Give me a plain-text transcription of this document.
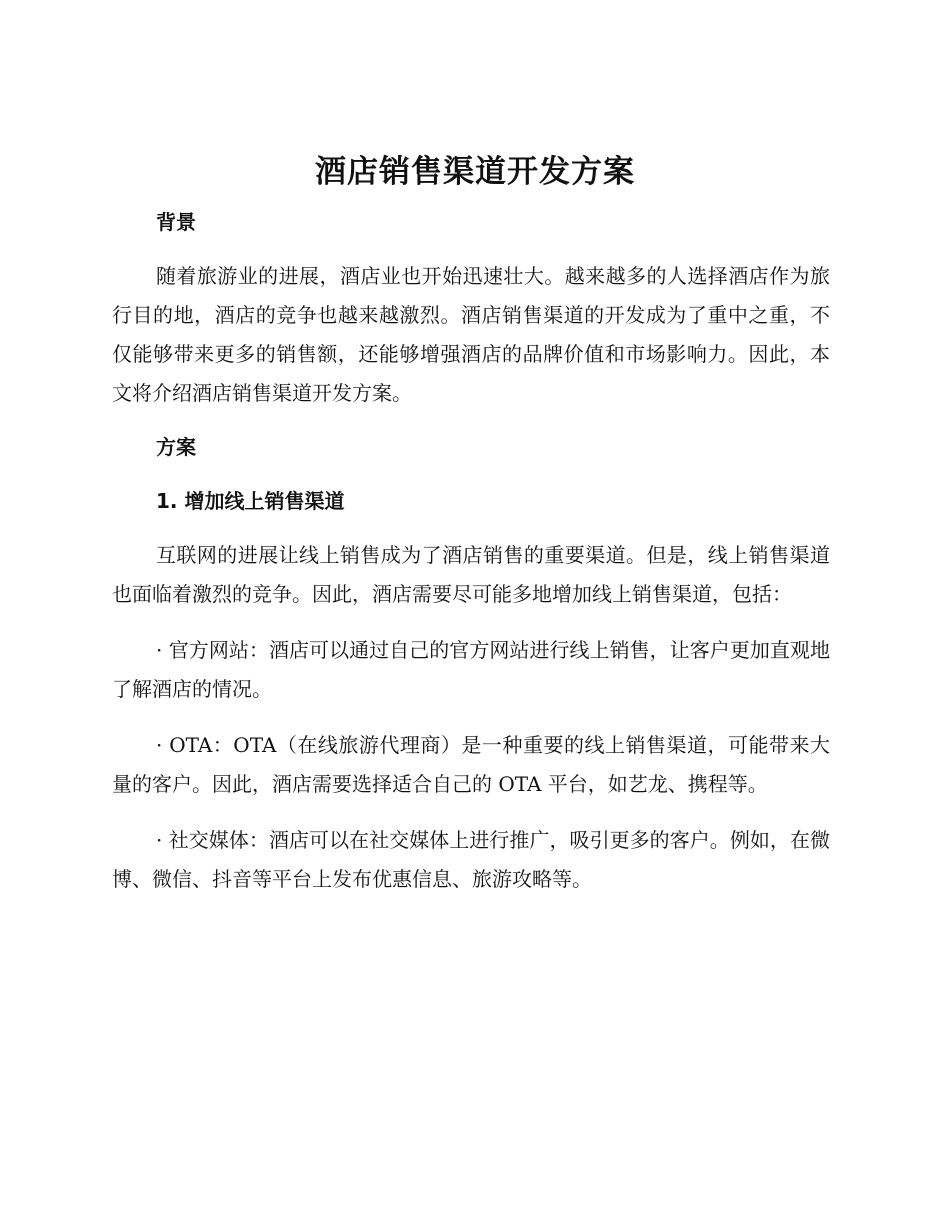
酒店销售渠道开发方案
背景

随着旅游业的进展，酒店业也开始迅速壮大。越来越多的人选择酒店作为旅行目的地，酒店的竞争也越来越激烈。酒店销售渠道的开发成为了重中之重，不仅能够带来更多的销售额，还能够增强酒店的品牌价值和市场影响力。因此，本文将介绍酒店销售渠道开发方案。

方案
1. 增加线上销售渠道

互联网的进展让线上销售成为了酒店销售的重要渠道。但是，线上销售渠道也面临着激烈的竞争。因此，酒店需要尽可能多地增加线上销售渠道，包括：

· 官方网站：酒店可以通过自己的官方网站进行线上销售，让客户更加直观地了解酒店的情况。

· OTA：OTA（在线旅游代理商）是一种重要的线上销售渠道，可能带来大量的客户。因此，酒店需要选择适合自己的 OTA 平台，如艺龙、携程等。

· 社交媒体：酒店可以在社交媒体上进行推广，吸引更多的客户。例如，在微博、微信、抖音等平台上发布优惠信息、旅游攻略等。
